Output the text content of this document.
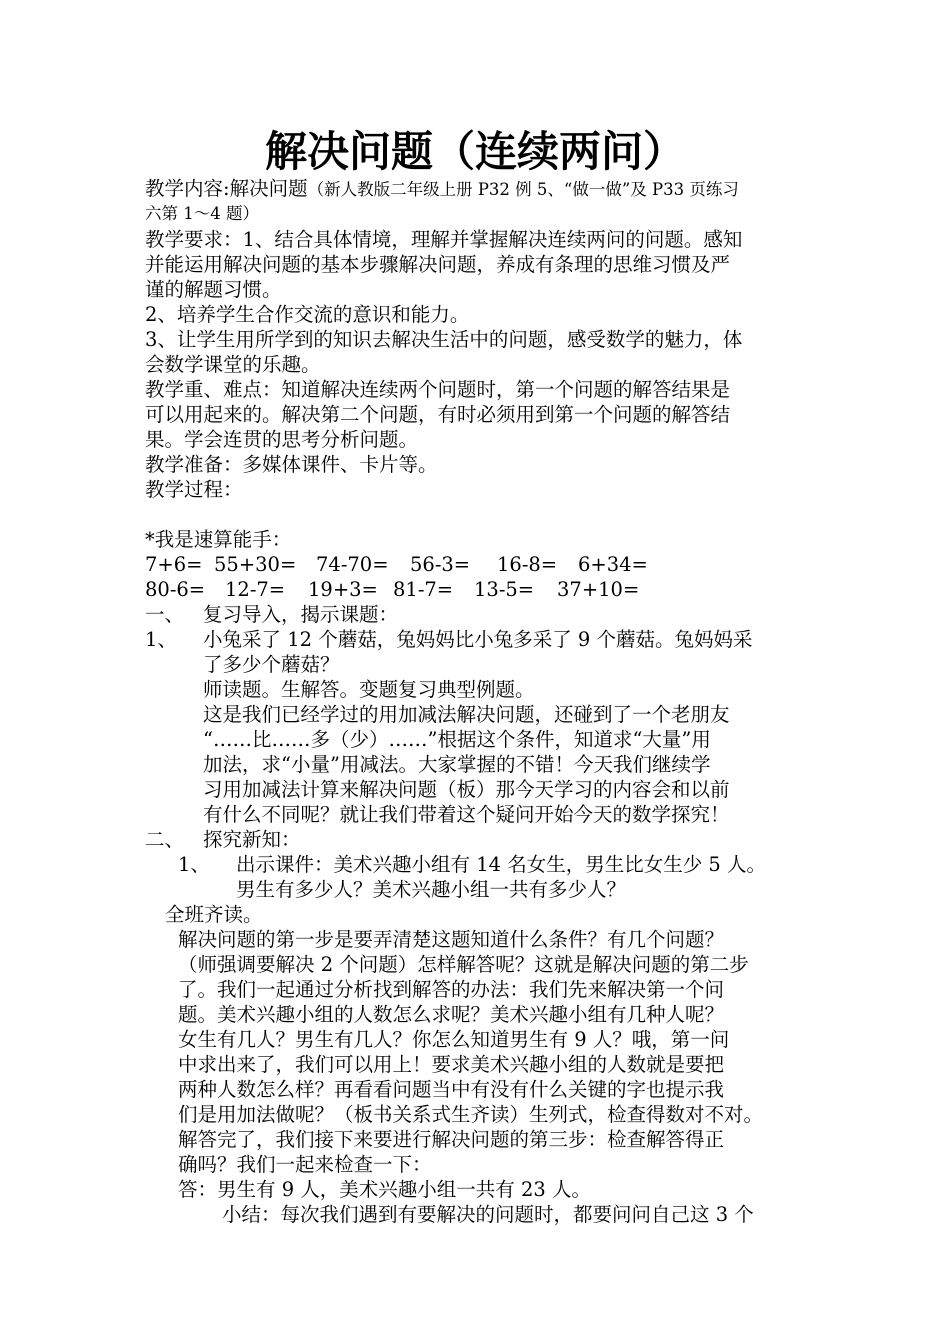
解决问题（连续两问）
教学内容:解决问题（新人教版二年级上册 P32 例 5、“做一做”及 P33 页练习
六第 1～4 题）
教学要求：1、结合具体情境，理解并掌握解决连续两问的问题。感知
并能运用解决问题的基本步骤解决问题，养成有条理的思维习惯及严
谨的解题习惯。
2、培养学生合作交流的意识和能力。
3、让学生用所学到的知识去解决生活中的问题，感受数学的魅力，体
会数学课堂的乐趣。
教学重、难点：知道解决连续两个问题时，第一个问题的解答结果是
可以用起来的。解决第二个问题，有时必须用到第一个问题的解答结
果。学会连贯的思考分析问题。
教学准备：多媒体课件、卡片等。
教学过程：
*我是速算能手：
7+6= 55+30= 74-70= 56-3= 16-8= 6+34=
80-6= 12-7= 19+3= 81-7= 13-5= 37+10=
一、 复习导入，揭示课题：
1、 小兔采了 12 个蘑菇，兔妈妈比小兔多采了 9 个蘑菇。兔妈妈采
了多少个蘑菇？
师读题。生解答。变题复习典型例题。
这是我们已经学过的用加减法解决问题，还碰到了一个老朋友
“……比……多（少）……”根据这个条件，知道求“大量”用
加法，求“小量”用减法。大家掌握的不错！今天我们继续学
习用加减法计算来解决问题（板）那今天学习的内容会和以前
有什么不同呢？就让我们带着这个疑问开始今天的数学探究！
二、 探究新知：
1、 出示课件：美术兴趣小组有 14 名女生，男生比女生少 5 人。
男生有多少人？美术兴趣小组一共有多少人？
全班齐读。
解决问题的第一步是要弄清楚这题知道什么条件？有几个问题？
（师强调要解决 2 个问题）怎样解答呢？这就是解决问题的第二步
了。我们一起通过分析找到解答的办法：我们先来解决第一个问
题。美术兴趣小组的人数怎么求呢？美术兴趣小组有几种人呢？
女生有几人？男生有几人？你怎么知道男生有 9 人？哦，第一问
中求出来了，我们可以用上！要求美术兴趣小组的人数就是要把
两种人数怎么样？再看看问题当中有没有什么关键的字也提示我
们是用加法做呢？（板书关系式生齐读）生列式，检查得数对不对。
解答完了，我们接下来要进行解决问题的第三步：检查解答得正
确吗？我们一起来检查一下：
答：男生有 9 人，美术兴趣小组一共有 23 人。
小结：每次我们遇到有要解决的问题时，都要问问自己这 3 个
